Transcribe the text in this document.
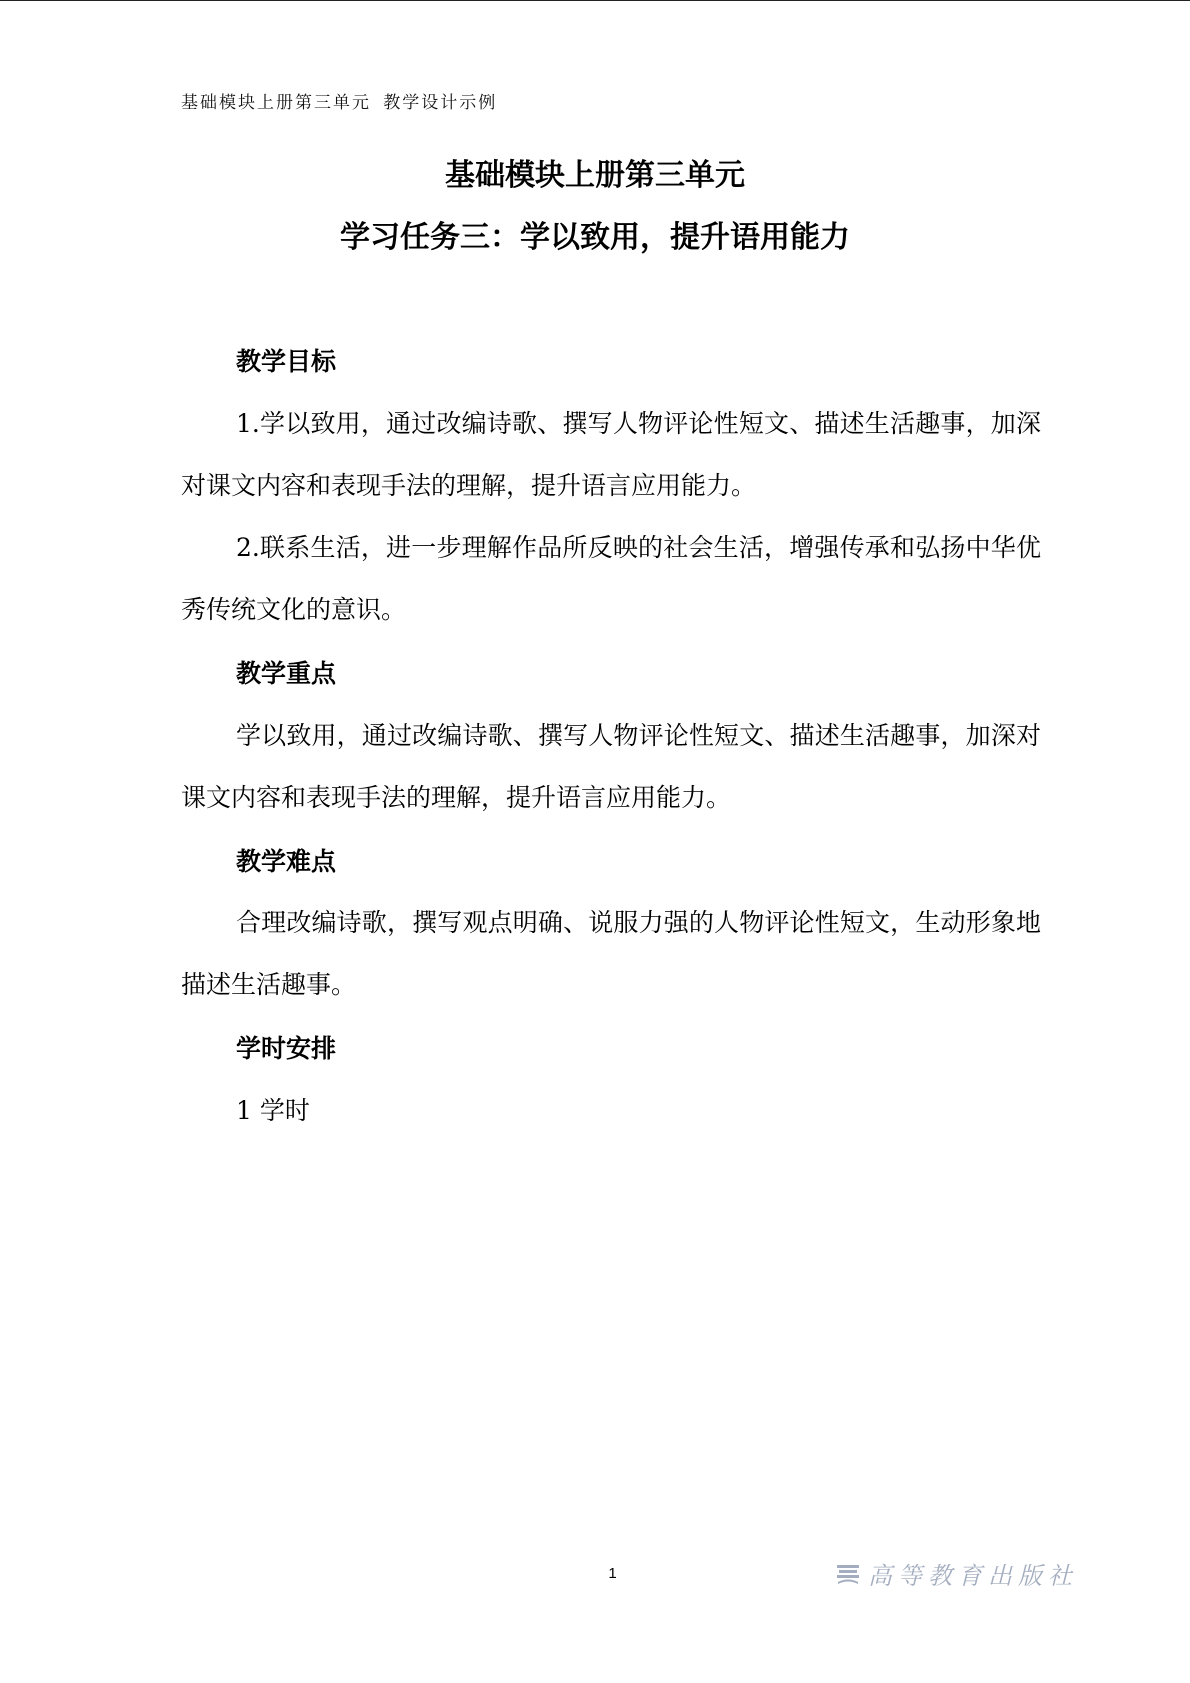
基础模块上册第三单元 教学设计示例
基础模块上册第三单元
学习任务三：学以致用，提升语用能力
教学目标
1.学以致用，通过改编诗歌、撰写人物评论性短文、描述生活趣事，加深对课文内容和表现手法的理解，提升语言应用能力。
2.联系生活，进一步理解作品所反映的社会生活，增强传承和弘扬中华优秀传统文化的意识。
教学重点
学以致用，通过改编诗歌、撰写人物评论性短文、描述生活趣事，加深对课文内容和表现手法的理解，提升语言应用能力。
教学难点
合理改编诗歌，撰写观点明确、说服力强的人物评论性短文，生动形象地描述生活趣事。
学时安排
1 学时
1	高等教育出版社
